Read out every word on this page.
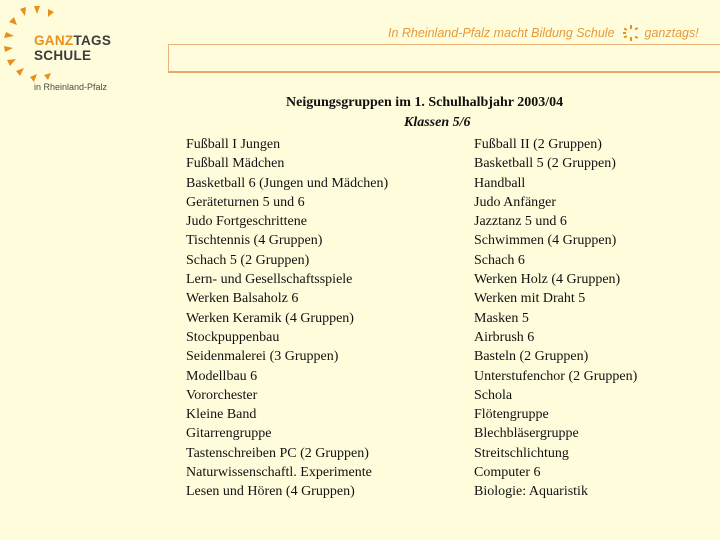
GANZTAGS
SCHULE
in Rheinland-Pfalz
In Rheinland-Pfalz macht Bildung Schule ganztags!
Neigungsgruppen im 1. Schulhalbjahr 2003/04
Klassen 5/6
Fußball I Jungen
Fußball Mädchen
Basketball 6 (Jungen und Mädchen)
Geräteturnen 5 und 6
Judo Fortgeschrittene
Tischtennis (4 Gruppen)
Schach 5 (2 Gruppen)
Lern- und Gesellschaftsspiele
Werken Balsaholz 6
Werken Keramik (4 Gruppen)
Stockpuppenbau
Seidenmalerei (3 Gruppen)
Modellbau 6
Vororchester
Kleine Band
Gitarrengruppe
Tastenschreiben PC (2 Gruppen)
Naturwissenschaftl. Experimente
Lesen und Hören (4 Gruppen)
Fußball II (2 Gruppen)
Basketball 5 (2 Gruppen)
Handball
Judo Anfänger
Jazztanz 5 und 6
Schwimmen (4 Gruppen)
Schach 6
Werken Holz (4 Gruppen)
Werken mit Draht 5
Masken 5
Airbrush 6
Basteln (2 Gruppen)
Unterstufenchor (2 Gruppen)
Schola
Flötengruppe
Blechbläsergruppe
Streitschlichtung
Computer 6
Biologie: Aquaristik
